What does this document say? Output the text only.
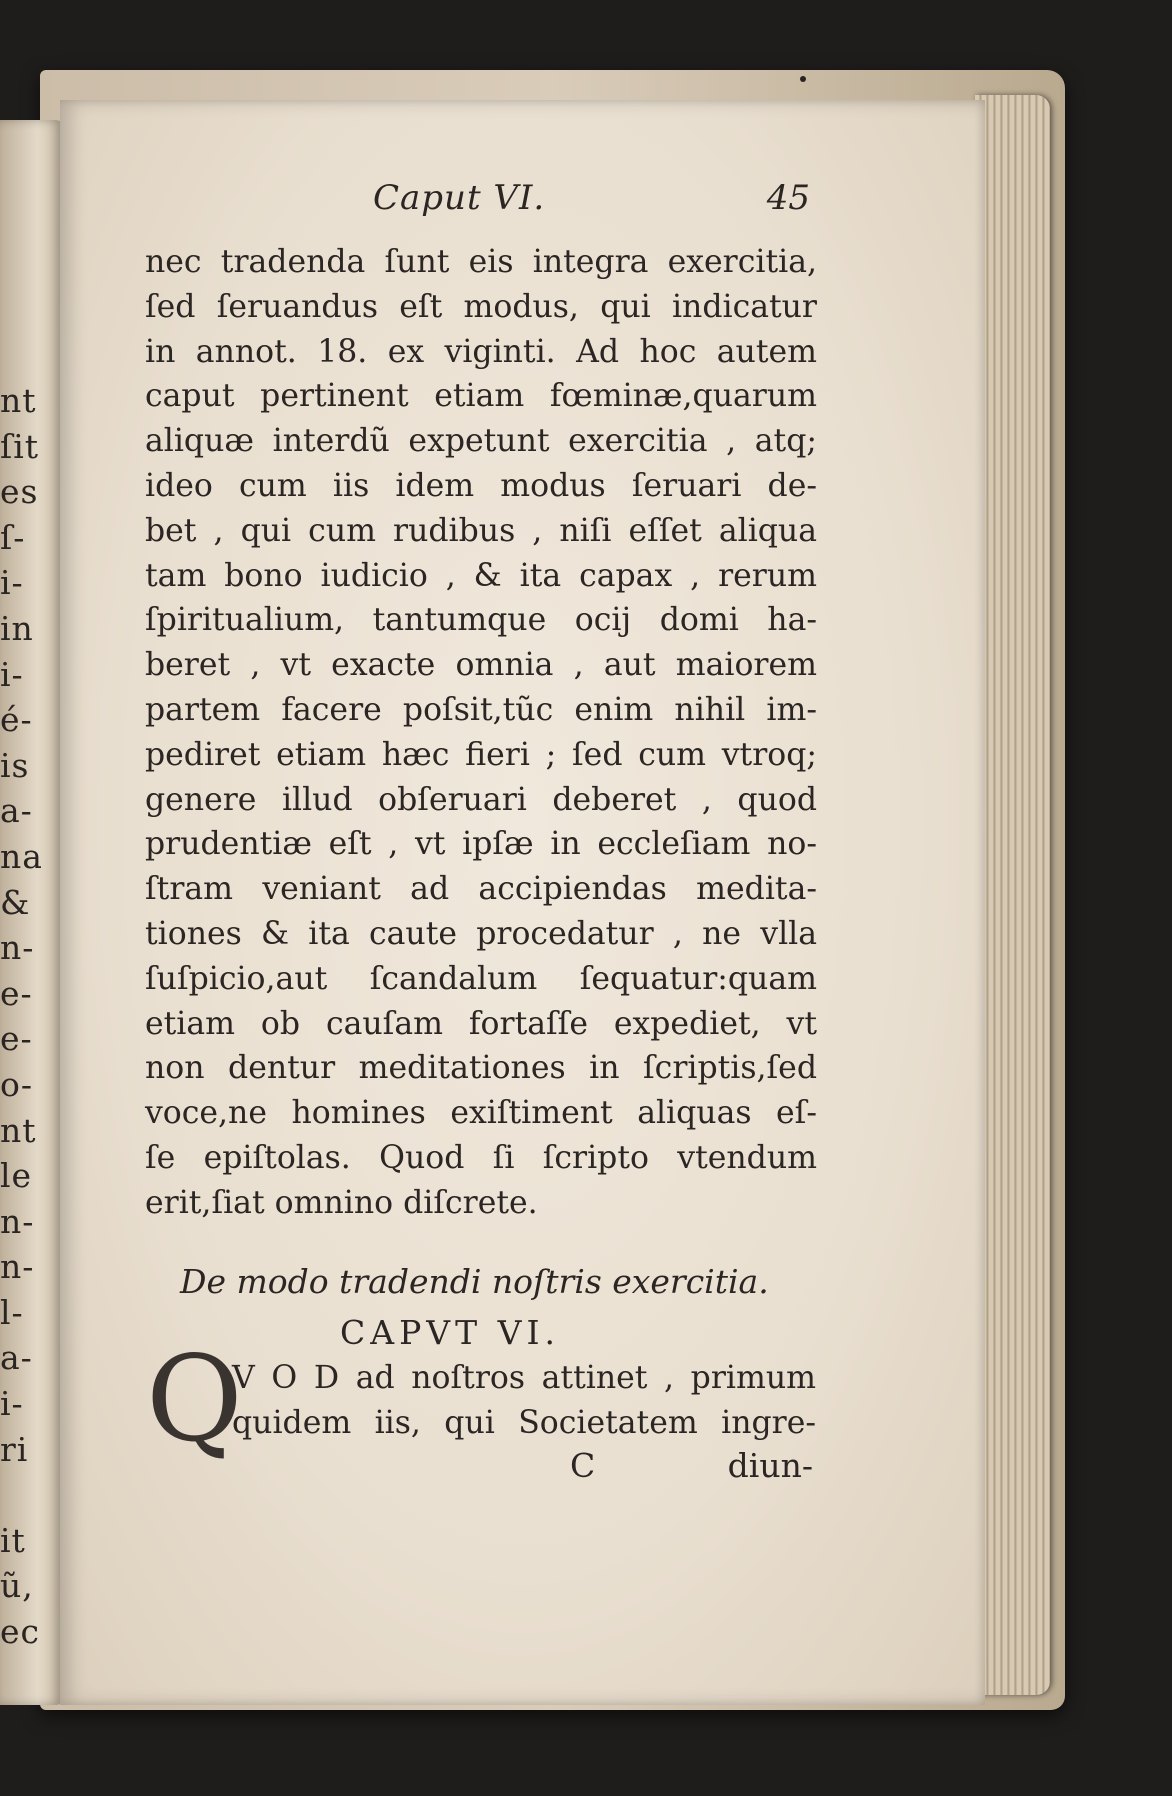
nt
ſit
es
ſ-
i-
in
i-
é-
is
a-
na
&
n-
e-
e-
o-
nt
le
n-
n-
l-
a-
i-
ri
it
ũ,
ec
Caput VI.	45
nec tradenda ſunt eis integra exercitia,
ſed ſeruandus eſt modus, qui indicatur
in annot. 18. ex viginti. Ad hoc autem
caput pertinent etiam fœminæ,quarum
aliquæ interdũ expetunt exercitia , atq;
ideo cum iis idem modus ſeruari de-
bet , qui cum rudibus , niſi eſſet aliqua
tam bono iudicio , & ita capax , rerum
ſpiritualium, tantumque ocij domi ha-
beret , vt exacte omnia , aut maiorem
partem facere poſsit,tũc enim nihil im-
pediret etiam hæc fieri ; ſed cum vtroq;
genere illud obſeruari deberet , quod
prudentiæ eſt , vt ipſæ in eccleſiam no-
ſtram veniant ad accipiendas medita-
tiones & ita caute procedatur , ne vlla
ſuſpicio,aut ſcandalum ſequatur:quam
etiam ob cauſam fortaſſe expediet, vt
non dentur meditationes in ſcriptis,ſed
voce,ne homines exiſtiment aliquas eſ-
ſe epiſtolas. Quod ſi ſcripto vtendum
erit,ſiat omnino diſcrete.
De modo tradendi noſtris exercitia.
CAPVT VI.
Q
V O D ad noſtros attinet , primum
quidem iis, qui Societatem ingre-
C	diun-
